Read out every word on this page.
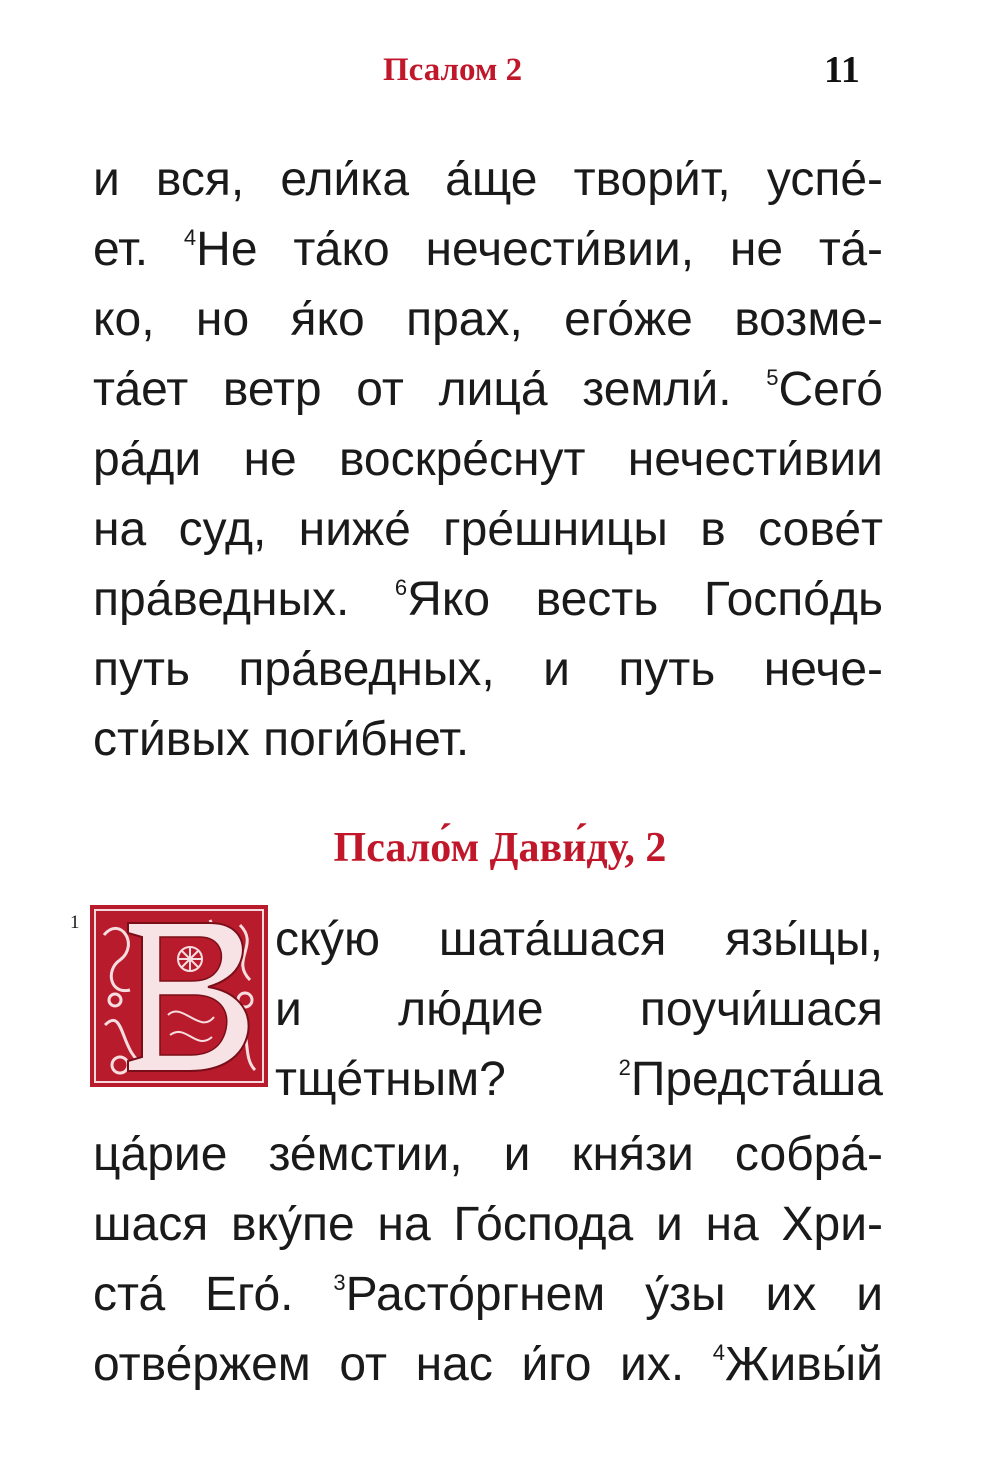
Псалом 2	11
и вся, ели́ка а́ще твори́т, успе́-
ет. $^4$Не та́ко нечести́вии, не та́-
ко, но я́ко прах, его́же возме-
та́ет ветр от лица́ земли́. $^5$Сего́
ра́ди не воскре́снут нечести́вии
на суд, ниже́ гре́шницы в сове́т
пра́ведных. $^6$Яко весть Госпо́дь
путь пра́ведных, и путь нече-
сти́вых поги́бнет.
Псало́м Дави́ду, 2
1	скýю шата́шася язы́цы,
и лю́дие поучи́шася
тщéтным? $^2$Предста́ша
ца́рие зе́мстии, и кня́зи собра́-
шася вку́пе на Го́спода и на Хри-
ста́ Его́. $^3$Расто́ргнем у́зы их и
отве́ржем от нас и́го их. $^4$Живы́й
